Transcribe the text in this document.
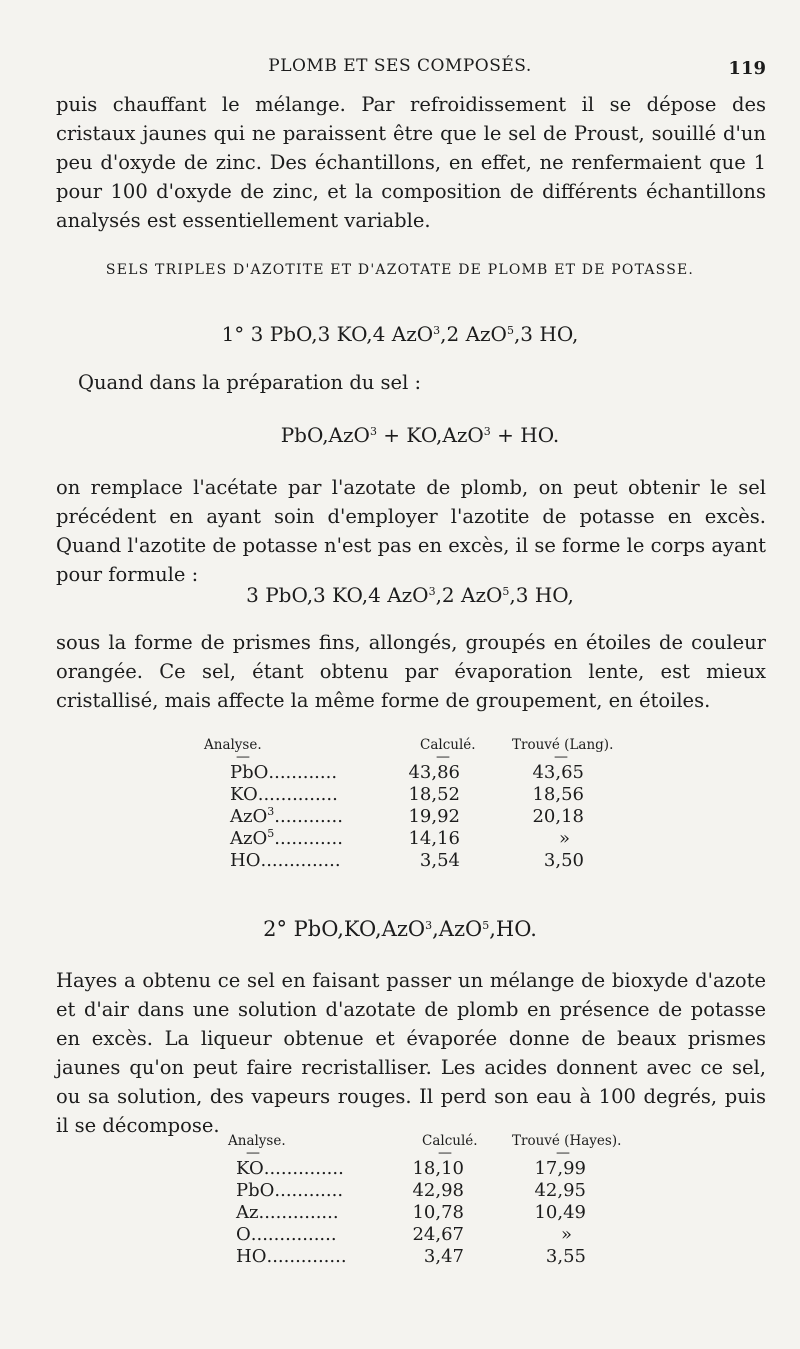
PLOMB ET SES COMPOSÉS.	119

puis chauffant le mélange. Par refroidissement il se dépose des cristaux jaunes qui ne paraissent être que le sel de Proust, souillé d'un peu d'oxyde de zinc. Des échantillons, en effet, ne renfermaient que 1 pour 100 d'oxyde de zinc, et la composition de différents échantillons analysés est essentiellement variable.

SELS TRIPLES D'AZOTITE ET D'AZOTATE DE PLOMB ET DE POTASSE.
1° 3 PbO,3 KO,4 AzO$^3$,2 AzO$^5$,3 HO,

Quand dans la préparation du sel :

PbO,AzO$^3$ + KO,AzO$^3$ + HO.

on remplace l'acétate par l'azotate de plomb, on peut obtenir le sel précédent en ayant soin d'employer l'azotite de potasse en excès. Quand l'azotite de potasse n'est pas en excès, il se forme le corps ayant pour formule :

3 PbO,3 KO,4 AzO$^3$,2 AzO$^5$,3 HO,

sous la forme de prismes fins, allongés, groupés en étoiles de couleur orangée. Ce sel, étant obtenu par évaporation lente, est mieux cristallisé, mais affecte la même forme de groupement, en étoiles.

Analyse.	Calculé.	Trouvé (Lang).
—	—	—
PbO............	43,86	43,65
KO..............	18,52	18,56
AzO$^3$............	19,92	20,18
AzO$^5$............	14,16	»
HO..............	3,54	3,50
2° PbO,KO,AzO$^3$,AzO$^5$,HO.

Hayes a obtenu ce sel en faisant passer un mélange de bioxyde d'azote et d'air dans une solution d'azotate de plomb en présence de potasse en excès. La liqueur obtenue et évaporée donne de beaux prismes jaunes qu'on peut faire recristalliser. Les acides donnent avec ce sel, ou sa solution, des vapeurs rouges. Il perd son eau à 100 degrés, puis il se décompose.

Analyse.	Calculé.	Trouvé (Hayes).
—	—	—
KO..............	18,10	17,99
PbO............	42,98	42,95
Az..............	10,78	10,49
O...............	24,67	»
HO..............	3,47	3,55
